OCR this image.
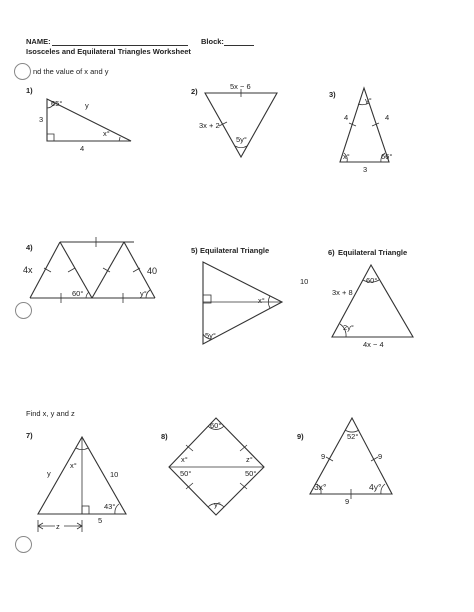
NAME:	Block:
Isosceles and Equilateral Triangles Worksheet
nd the value of x and y
Find x, y and z
1)
65°	y
3
x°
4
2)
5x − 6
3x + 2
5y°
3)
y°
4	4
x°	66°
3
4)
4x	40
60°	y°
5) Equilateral Triangle
x°
5y°
6) Equilateral Triangle
10	60°
3x + 8
2y°
4x − 4
7)
x°
y	10
43°
z
5
8)
60°
x°	z°
50°	50°
y°
9)	52°
9	9
3x°	4y°
9
